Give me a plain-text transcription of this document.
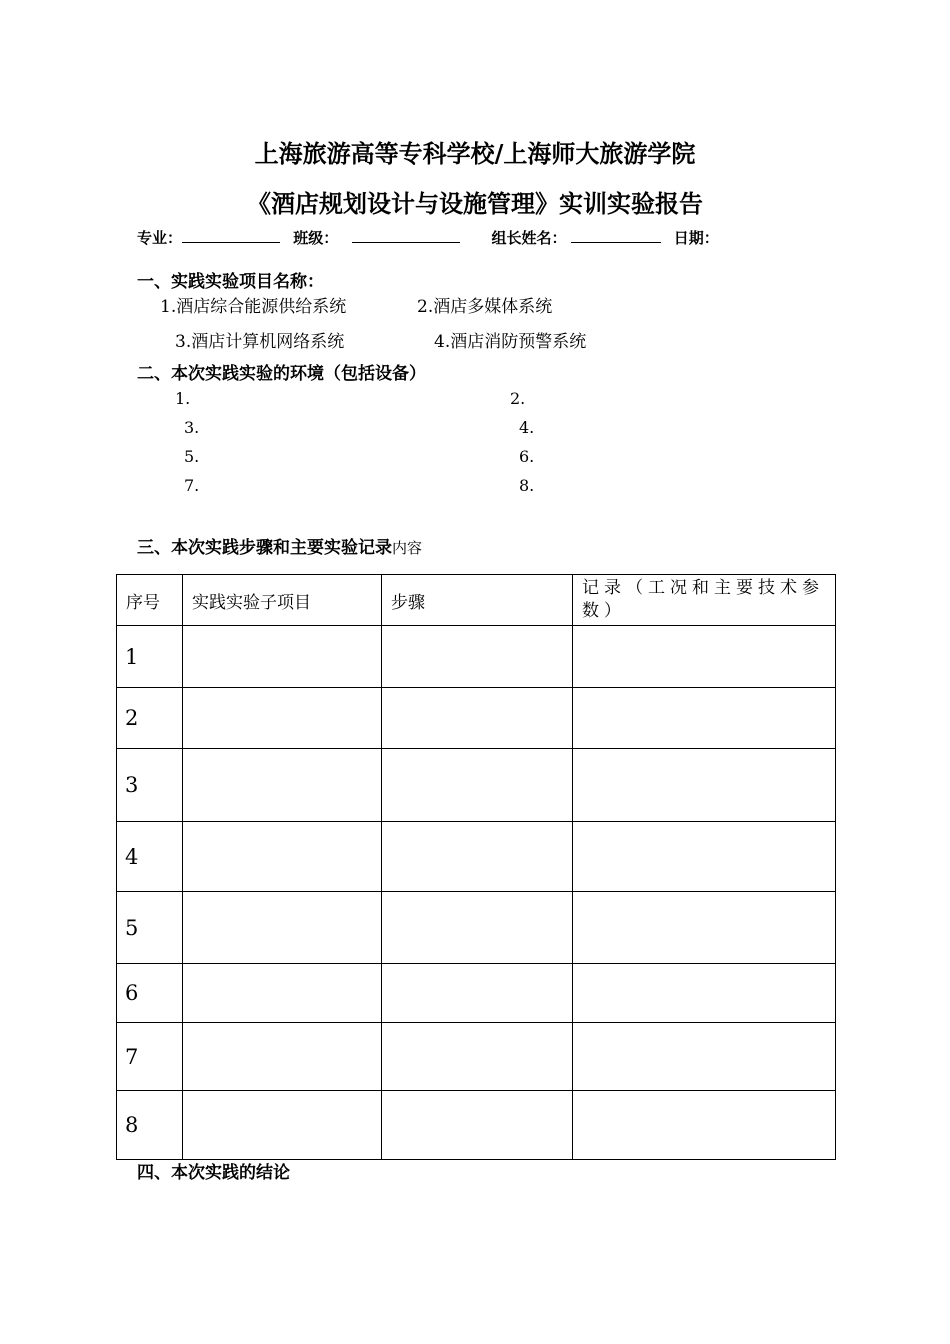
上海旅游高等专科学校/上海师大旅游学院
《酒店规划设计与设施管理》实训实验报告
专业：	班级：	组长姓名：	日期：
一、实践实验项目名称：
1.酒店综合能源供给系统	2.酒店多媒体系统
3.酒店计算机网络系统	4.酒店消防预警系统
二、本次实践实验的环境（包括设备）
1.	2.
3.	4.
5.	6.
7.	8.
三、本次实践步骤和主要实验记录内容
序号	实践实验子项目	步骤	记录（工况和主要技术参数）
1			
2			
3			
4			
5			
6			
7			
8			
四、本次实践的结论
